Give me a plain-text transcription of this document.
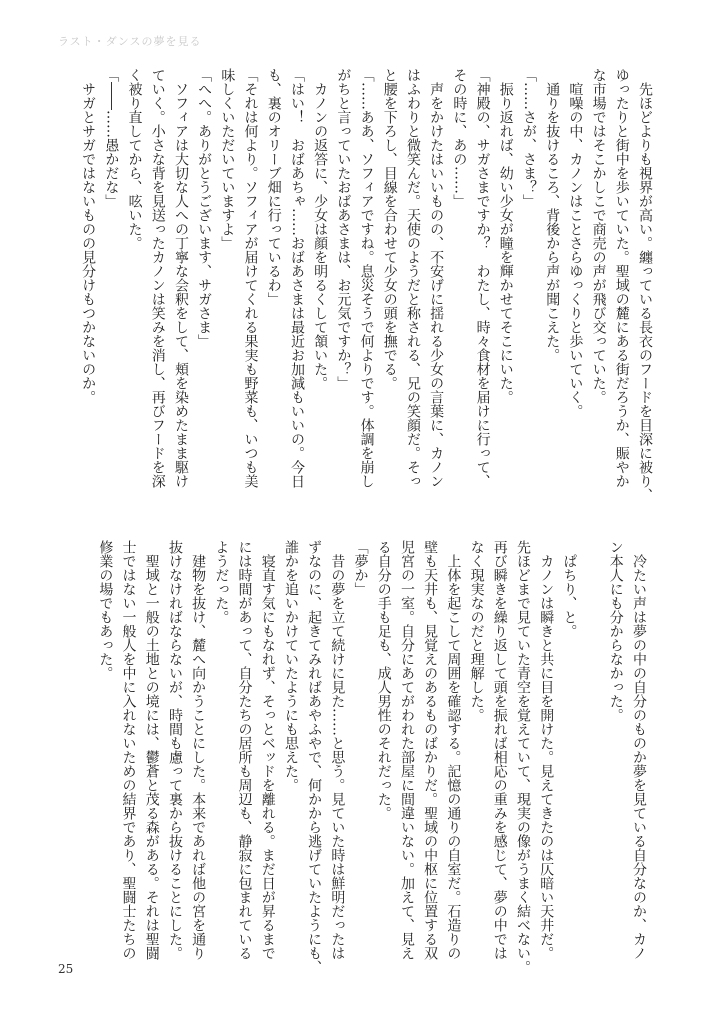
ラスト・ダンスの夢を見る
　先ほどよりも視界が高い。纏っている長衣のフードを目深に被り、
ゆったりと街中を歩いていた。聖域の麓にある街だろうか、賑やか
な市場ではそこかしこで商売の声が飛び交っていた。
　喧噪の中、カノンはことさらゆっくりと歩いていく。
　通りを抜けるころ、背後から声が聞こえた。
「……さが、さま？」
　振り返れば、幼い少女が瞳を輝かせてそこにいた。
「神殿の、サガさまですか？　わたし、時々食材を届けに行って、
その時に、あの……」
　声をかけたはいいものの、不安げに揺れる少女の言葉に、カノン
はふわりと微笑んだ。天使のようだと称される、兄の笑顔だ。そっ
と腰を下ろし、目線を合わせて少女の頭を撫でる。
「……ああ、ソフィアですね。息災そうで何よりです。体調を崩し
がちと言っていたおばあさまは、お元気ですか？」
　カノンの返答に、少女は顔を明るくして頷いた。
「はい！　おばあちゃ……おばあさまは最近お加減もいいの。今日
も、裏のオリーブ畑に行っているわ」
「それは何より。ソフィアが届けてくれる果実も野菜も、いつも美
味しくいただいていますよ」
「へへ。ありがとうございます、サガさま」
　ソフィアは大切な人への丁寧な会釈をして、頬を染めたまま駆け
ていく。小さな背を見送ったカノンは笑みを消し、再びフードを深
く被り直してから、呟いた。
「――……愚かだな」
　サガとサガではないものの見分けもつかないのか。
　冷たい声は夢の中の自分のものか夢を見ている自分なのか、カノ
ン本人にも分からなかった。

　ぱちり、と。
　カノンは瞬きと共に目を開けた。見えてきたのは仄暗い天井だ。
先ほどまで見ていた青空を覚えていて、現実の像がうまく結べない。
再び瞬きを繰り返して頭を振れば相応の重みを感じて、夢の中では
なく現実なのだと理解した。
　上体を起こして周囲を確認する。記憶の通りの自室だ。石造りの
壁も天井も、見覚えのあるものばかりだ。聖域の中枢に位置する双
児宮の一室。自分にあてがわれた部屋に間違いない。加えて、見え
る自分の手も足も、成人男性のそれだった。
「夢か」
　昔の夢を立て続けに見た……と思う。見ていた時は鮮明だったは
ずなのに、起きてみればあやふやで、何かから逃げていたようにも、
誰かを追いかけていたようにも思えた。
　寝直す気にもなれず、そっとベッドを離れる。まだ日が昇るまで
には時間があって、自分たちの居所も周辺も、静寂に包まれている
ようだった。
　建物を抜け、麓へ向かうことにした。本来であれば他の宮を通り
抜けなければならないが、時間も慮って裏から抜けることにした。
　聖域と一般の土地との境には、鬱蒼と茂る森がある。それは聖闘
士ではない一般人を中に入れないための結界であり、聖闘士たちの
修業の場でもあった。
25
